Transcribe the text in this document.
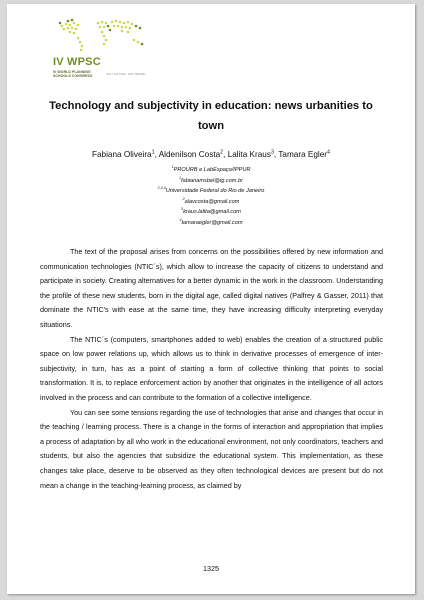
IV WPSC
IV WORLD PLANNING
SCHOOLS CONGRESS	JULY 4-8 2016 · RIO, BRAZIL
Technology and subjectivity in education: news urbanities to town
Fabiana Oliveira$^1$, Aldenilson Costa$^2$, Lalita Kraus$^3$, Tamara Egler$^4$
$^1$PROURB e LabEspaço/IPPUR
$^1$fabianamsbel@ig.com.br
$^{2,3,4}$Universidade Federal do Rio de Janeiro
$^2$alavcosta@gmail.com
$^3$kraus.lalita@gmail.com
$^4$tamaraegler@gmail.com

The text of the proposal arises from concerns on the possibilities offered by new information and communication technologies (NTIC´s), which allow to increase the capacity of citizens to understand and participate in society. Creating alternatives for a better dynamic in the work in the classroom. Understanding the profile of these new students, born in the digital age, called digital natives (Palfrey & Gasser, 2011) that dominate the NTIC's with ease at the same time, they have increasing difficulty interpreting everyday situations.

The NTIC´s (computers, smartphones added to web) enables the creation of a structured public space on low power relations up, which allows us to think in derivative processes of emergence of inter-subjectivity, in turn, has as a point of starting a form of collective thinking that points to social transformation. It is, to replace enforcement action by another that originates in the intelligence of all actors involved in the process and can contribute to the formation of a collective intelligence.

You can see some tensions regarding the use of technologies that arise and changes that occur in the teaching / learning process. There is a change in the forms of interaction and appropriation that implies a process of adaptation by all who work in the educational environment, not only coordinators, teachers and students, but also the agencies that subsidize the educational system. This implementation, as these changes take place, deserve to be observed as they often technological devices are present but do not mean a change in the teaching-learning process, as claimed by

1325
